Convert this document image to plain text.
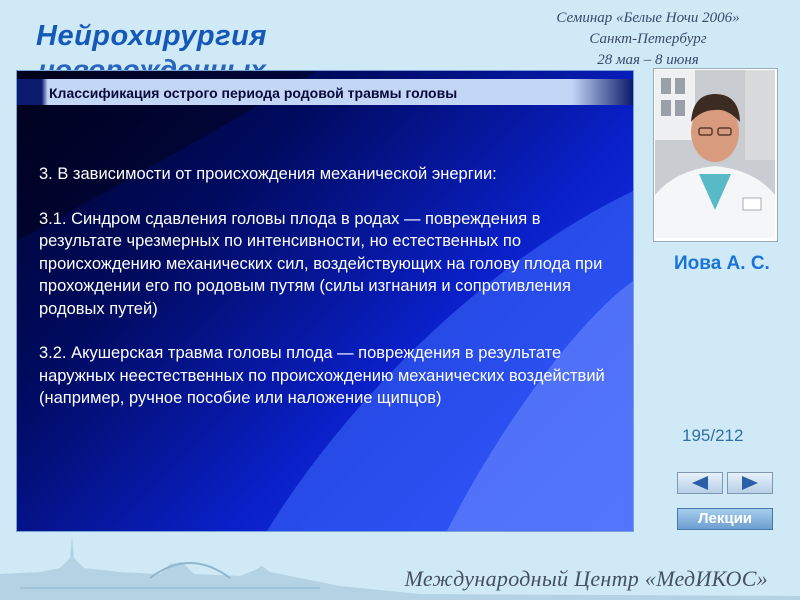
Нейрохирургия
Семинар «Белые Ночи 2006»
Санкт-Петербург
28 мая – 8 июня
Классификация острого периода родовой травмы головы

3. В зависимости от происхождения механической энергии:

3.1. Синдром сдавления головы плода в родах — повреждения в результате чрезмерных по интенсивности, но естественных по происхождению механических сил, воздействующих на голову плода при прохождении его по родовым путям (силы изгнания и сопротивления родовых путей)

3.2. Акушерская травма головы плода — повреждения в результате наружных неестественных по происхождению механических воздействий (например, ручное пособие или наложение щипцов)

Иова А. С.
195/212
Лекции
Международный Центр «МедИКОС»
